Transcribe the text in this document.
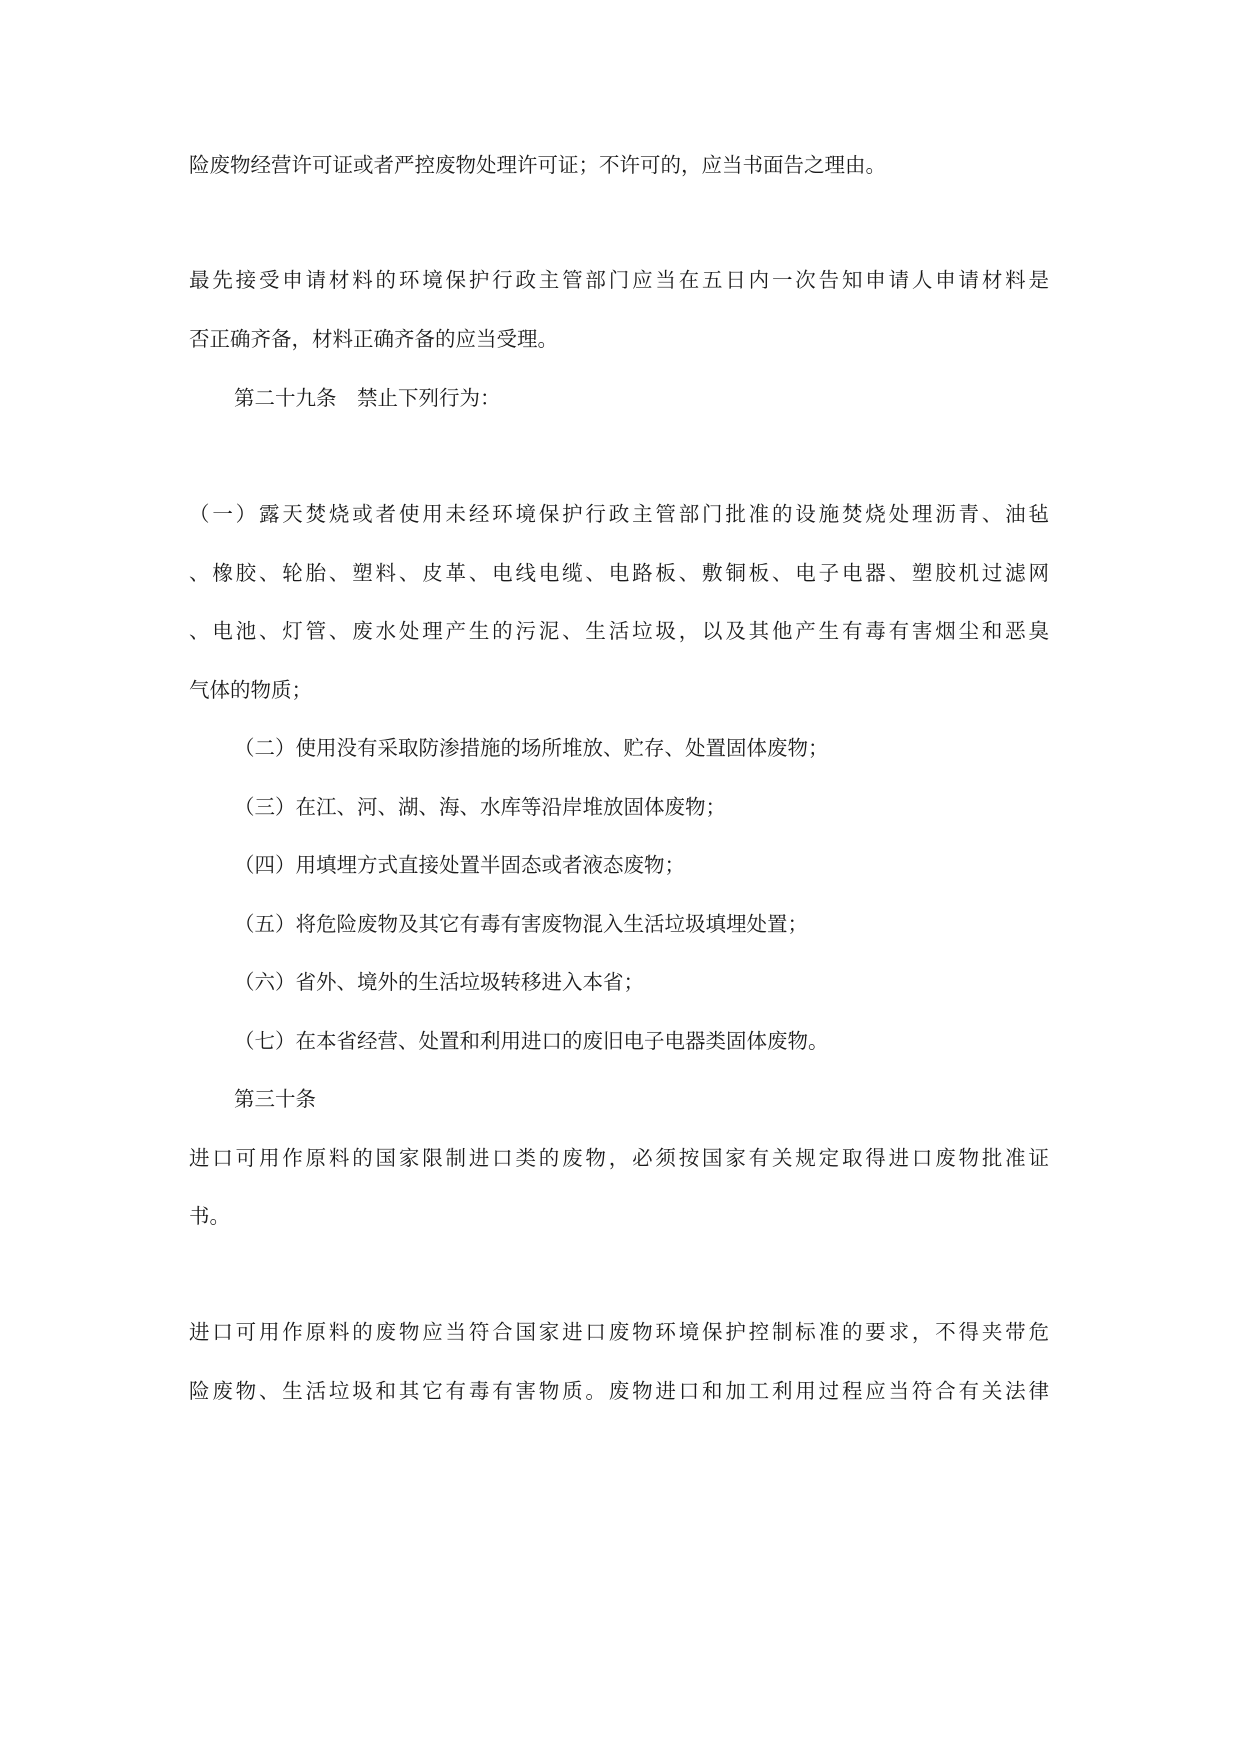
险废物经营许可证或者严控废物处理许可证；不许可的，应当书面告之理由。
最先接受申请材料的环境保护行政主管部门应当在五日内一次告知申请人申请材料是
否正确齐备，材料正确齐备的应当受理。
第二十九条　禁止下列行为：
（一）露天焚烧或者使用未经环境保护行政主管部门批准的设施焚烧处理沥青、油毡
、橡胶、轮胎、塑料、皮革、电线电缆、电路板、敷铜板、电子电器、塑胶机过滤网
、电池、灯管、废水处理产生的污泥、生活垃圾，以及其他产生有毒有害烟尘和恶臭
气体的物质；
（二）使用没有采取防渗措施的场所堆放、贮存、处置固体废物；
（三）在江、河、湖、海、水库等沿岸堆放固体废物；
（四）用填埋方式直接处置半固态或者液态废物；
（五）将危险废物及其它有毒有害废物混入生活垃圾填埋处置；
（六）省外、境外的生活垃圾转移进入本省；
（七）在本省经营、处置和利用进口的废旧电子电器类固体废物。
第三十条
进口可用作原料的国家限制进口类的废物，必须按国家有关规定取得进口废物批准证
书。
进口可用作原料的废物应当符合国家进口废物环境保护控制标准的要求，不得夹带危
险废物、生活垃圾和其它有毒有害物质。废物进口和加工利用过程应当符合有关法律
